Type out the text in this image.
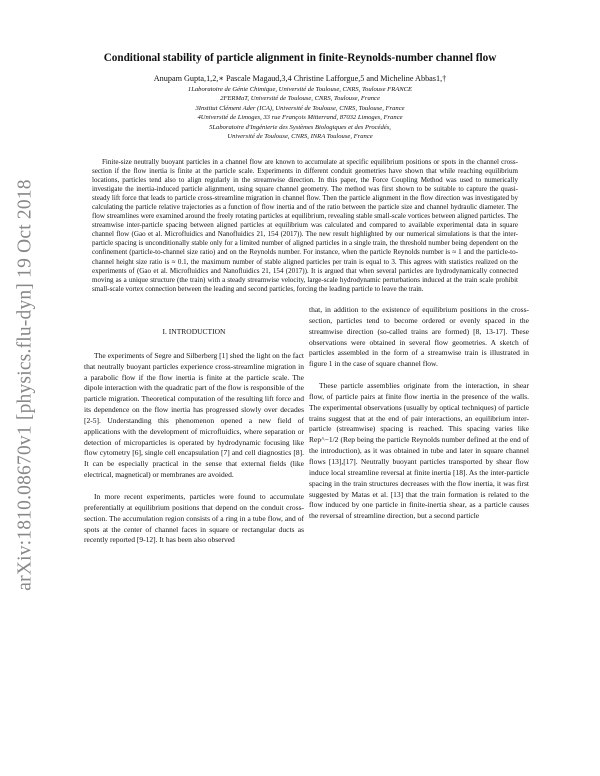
arXiv:1810.08670v1 [physics.flu-dyn] 19 Oct 2018
Conditional stability of particle alignment in finite-Reynolds-number channel flow
Anupam Gupta,1,2,∗ Pascale Magaud,3,4 Christine Lafforgue,5 and Micheline Abbas1,†
1Laboratoire de Génie Chimique, Université de Toulouse, CNRS, Toulouse FRANCE
2FERMaT, Université de Toulouse, CNRS, Toulouse, France
3Institut Clément Ader (ICA), Université de Toulouse, CNRS, Toulouse, France
4Université de Limoges, 33 rue François Mitterrand, 87032 Limoges, France
5Laboratoire d'Ingénierie des Systèmes Biologiques et des Procédés,
Université de Toulouse, CNRS, INRA Toulouse, France

Finite-size neutrally buoyant particles in a channel flow are known to accumulate at specific equilibrium positions or spots in the channel cross-section if the flow inertia is finite at the particle scale. Experiments in different conduit geometries have shown that while reaching equilibrium locations, particles tend also to align regularly in the streamwise direction. In this paper, the Force Coupling Method was used to numerically investigate the inertia-induced particle alignment, using square channel geometry. The method was first shown to be suitable to capture the quasi-steady lift force that leads to particle cross-streamline migration in channel flow. Then the particle alignment in the flow direction was investigated by calculating the particle relative trajectories as a function of flow inertia and of the ratio between the particle size and channel hydraulic diameter. The flow streamlines were examined around the freely rotating particles at equilibrium, revealing stable small-scale vortices between aligned particles. The streamwise inter-particle spacing between aligned particles at equilibrium was calculated and compared to available experimental data in square channel flow (Gao et al. Microfluidics and Nanofluidics 21, 154 (2017)). The new result highlighted by our numerical simulations is that the inter-particle spacing is unconditionally stable only for a limited number of aligned particles in a single train, the threshold number being dependent on the confinement (particle-to-channel size ratio) and on the Reynolds number. For instance, when the particle Reynolds number is ≈ 1 and the particle-to-channel height size ratio is ≈ 0.1, the maximum number of stable aligned particles per train is equal to 3. This agrees with statistics realized on the experiments of (Gao et al. Microfluidics and Nanofluidics 21, 154 (2017)). It is argued that when several particles are hydrodynamically connected moving as a unique structure (the train) with a steady streamwise velocity, large-scale hydrodynamic perturbations induced at the train scale prohibit small-scale vortex connection between the leading and second particles, forcing the leading particle to leave the train.

I. INTRODUCTION

The experiments of Segre and Silberberg [1] shed the light on the fact that neutrally buoyant particles experience cross-streamline migration in a parabolic flow if the flow inertia is finite at the particle scale. The dipole interaction with the quadratic part of the flow is responsible of the particle migration. Theoretical computation of the resulting lift force and its dependence on the flow inertia has progressed slowly over decades [2-5]. Understanding this phenomenon opened a new field of applications with the development of microfluidics, where separation or detection of microparticles is operated by hydrodynamic focusing like flow cytometry [6], single cell encapsulation [7] and cell diagnostics [8]. It can be especially practical in the sense that external fields (like electrical, magnetical) or membranes are avoided.

In more recent experiments, particles were found to accumulate preferentially at equilibrium positions that depend on the conduit cross-section. The accumulation region consists of a ring in a tube flow, and of spots at the center of channel faces in square or rectangular ducts as recently reported [9-12]. It has been also observed

that, in addition to the existence of equilibrium positions in the cross-section, particles tend to become ordered or evenly spaced in the streamwise direction (so-called trains are formed) [8, 13-17]. These observations were obtained in several flow geometries. A sketch of particles assembled in the form of a streamwise train is illustrated in figure 1 in the case of square channel flow.

These particle assemblies originate from the interaction, in shear flow, of particle pairs at finite flow inertia in the presence of the walls. The experimental observations (usually by optical techniques) of particle trains suggest that at the end of pair interactions, an equilibrium inter-particle (streamwise) spacing is reached. This spacing varies like Rep^−1/2 (Rep being the particle Reynolds number defined at the end of the introduction), as it was obtained in tube and later in square channel flows [13],[17]. Neutrally buoyant particles transported by shear flow induce local streamline reversal at finite inertia [18]. As the inter-particle spacing in the train structures decreases with the flow inertia, it was first suggested by Matas et al. [13] that the train formation is related to the flow induced by one particle in finite-inertia shear, as a particle causes the reversal of streamline direction, but a second particle
